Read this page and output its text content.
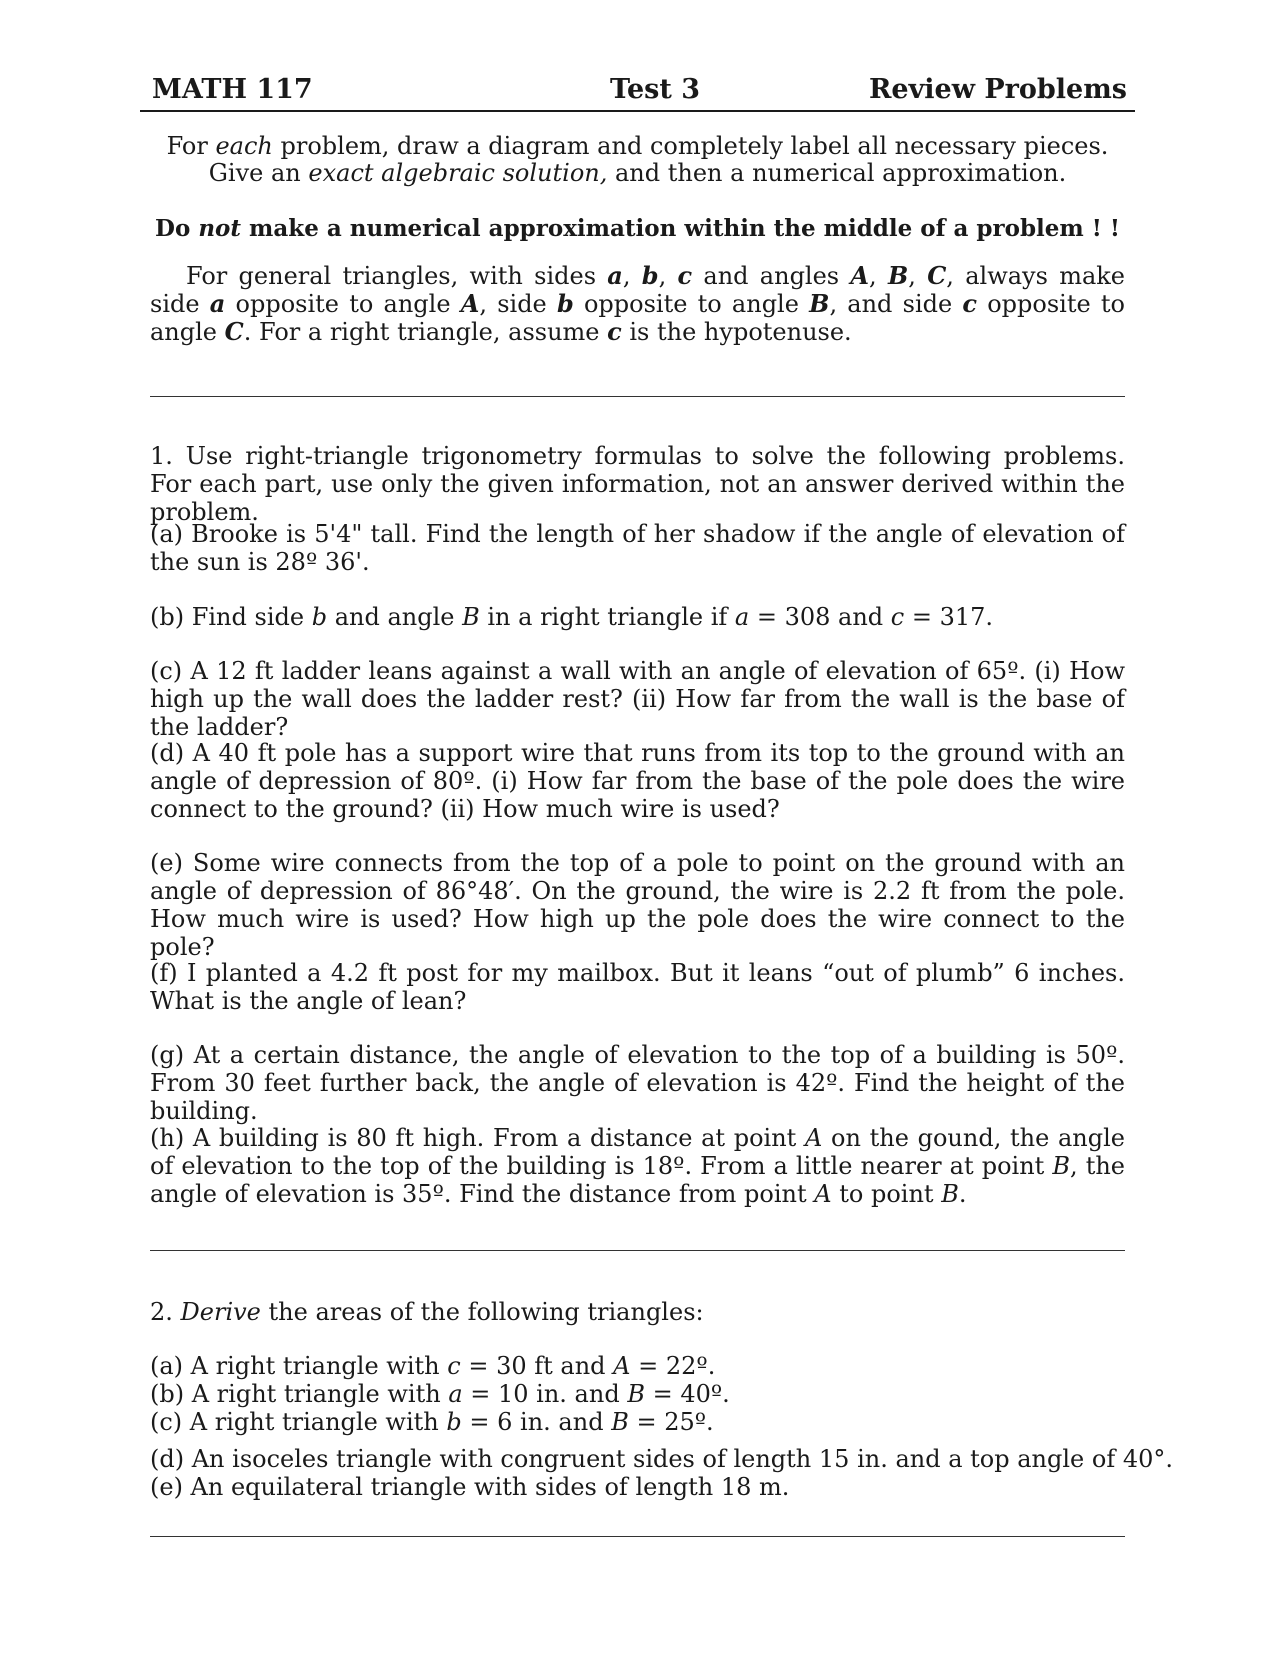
MATH 117	Test 3	Review Problems
For each problem, draw a diagram and completely label all necessary pieces.
Give an exact algebraic solution, and then a numerical approximation.
Do not make a numerical approximation within the middle of a problem ! !
For general triangles, with sides a, b, c and angles A, B, C, always make side a opposite to angle A, side b opposite to angle B, and side c opposite to angle C. For a right triangle, assume c is the hypotenuse.
1. Use right-triangle trigonometry formulas to solve the following problems. For each part, use only the given information, not an answer derived within the problem.
(a) Brooke is 5'4" tall. Find the length of her shadow if the angle of elevation of the sun is 28º 36'.
(b) Find side b and angle B in a right triangle if a = 308 and c = 317.
(c) A 12 ft ladder leans against a wall with an angle of elevation of 65º. (i) How high up the wall does the ladder rest? (ii) How far from the wall is the base of the ladder?
(d) A 40 ft pole has a support wire that runs from its top to the ground with an angle of depression of 80º. (i) How far from the base of the pole does the wire connect to the ground? (ii) How much wire is used?
(e) Some wire connects from the top of a pole to point on the ground with an angle of depression of 86°48′. On the ground, the wire is 2.2 ft from the pole. How much wire is used? How high up the pole does the wire connect to the pole?
(f) I planted a 4.2 ft post for my mailbox. But it leans “out of plumb” 6 inches. What is the angle of lean?
(g) At a certain distance, the angle of elevation to the top of a building is 50º. From 30 feet further back, the angle of elevation is 42º. Find the height of the building.
(h) A building is 80 ft high. From a distance at point A on the gound, the angle of elevation to the top of the building is 18º. From a little nearer at point B, the angle of elevation is 35º. Find the distance from point A to point B.
2. Derive the areas of the following triangles:
(a) A right triangle with c = 30 ft and A = 22º.
(b) A right triangle with a = 10 in. and B = 40º.
(c) A right triangle with b = 6 in. and B = 25º.
(d) An isoceles triangle with congruent sides of length 15 in. and a top angle of 40°.
(e) An equilateral triangle with sides of length 18 m.
